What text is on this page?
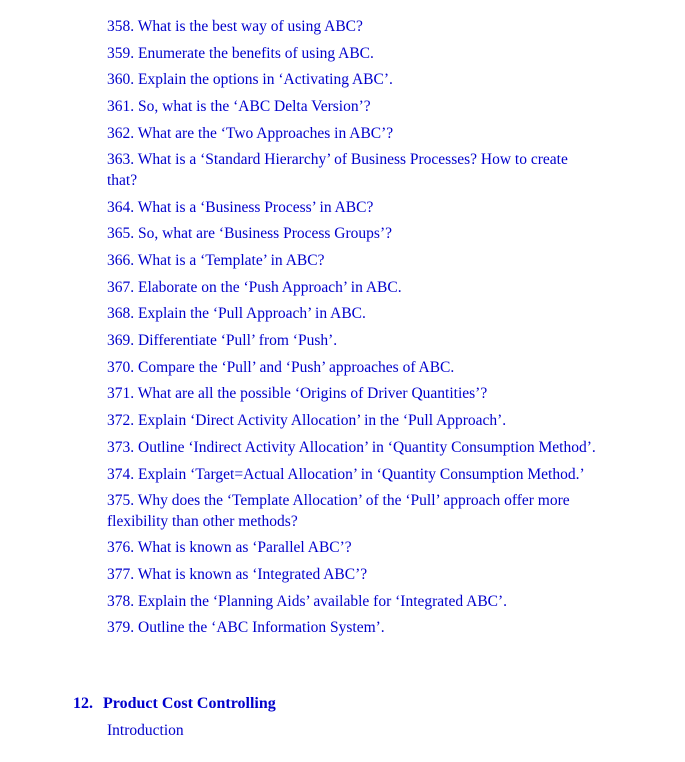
358. What is the best way of using ABC?

359. Enumerate the benefits of using ABC.

360. Explain the options in ‘Activating ABC’.

361. So, what is the ‘ABC Delta Version’?

362. What are the ‘Two Approaches in ABC’?

363. What is a ‘Standard Hierarchy’ of Business Processes? How to create that?

364. What is a ‘Business Process’ in ABC?

365. So, what are ‘Business Process Groups’?

366. What is a ‘Template’ in ABC?

367. Elaborate on the ‘Push Approach’ in ABC.

368. Explain the ‘Pull Approach’ in ABC.

369. Differentiate ‘Pull’ from ‘Push’.

370. Compare the ‘Pull’ and ‘Push’ approaches of ABC.

371. What are all the possible ‘Origins of Driver Quantities’?

372. Explain ‘Direct Activity Allocation’ in the ‘Pull Approach’.

373. Outline ‘Indirect Activity Allocation’ in ‘Quantity Consumption Method’.

374. Explain ‘Target=Actual Allocation’ in ‘Quantity Consumption Method.’

375. Why does the ‘Template Allocation’ of the ‘Pull’ approach offer more flexibility than other methods?

376. What is known as ‘Parallel ABC’?

377. What is known as ‘Integrated ABC’?

378. Explain the ‘Planning Aids’ available for ‘Integrated ABC’.

379. Outline the ‘ABC Information System’.

12. Product Cost Controlling
Introduction
